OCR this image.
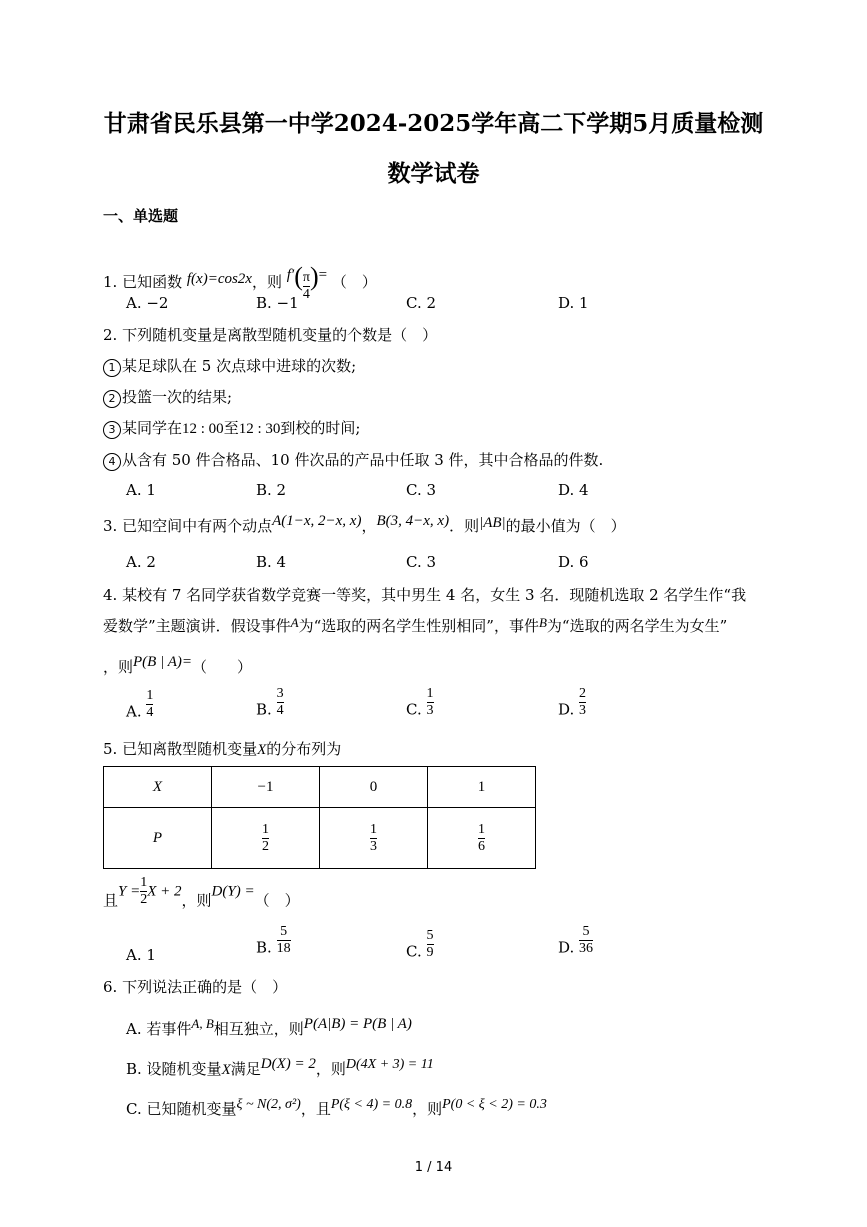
甘肃省民乐县第一中学2024-2025学年高二下学期5月质量检测
数学试卷
一、单选题
1. 已知函数 f(x)=cos2x，则 $f'( \frac{\pi}{4}$ )= （　）
A. −2	B. −1	C. 2	D. 1
2. 下列随机变量是离散型随机变量的个数是（　）
1 某足球队在 5 次点球中进球的次数;
2 投篮一次的结果;
3 某同学在12 : 00至12 : 30到校的时间;
4 从含有 50 件合格品、10 件次品的产品中任取 3 件，其中合格品的件数.
A. 1	B. 2	C. 3	D. 4
3. 已知空间中有两个动点A(1−x, 2−x, x)，B(3, 4−x, x)．则|AB|的最小值为（　）
A. 2	B. 4	C. 3	D. 6
4. 某校有 7 名同学获省数学竞赛一等奖，其中男生 4 名，女生 3 名．现随机选取 2 名学生作“我
爱数学”主题演讲．假设事件A为“选取的两名学生性别相同”，事件B为“选取的两名学生为女生”
，则P(B | A)=（　　）
A. $\frac{1}{4}$	B. $\frac{3}{4}$	C. $\frac{1}{3}$	D. $\frac{2}{3}$
5. 已知离散型随机变量X的分布列为
X	−1	0	1
P	$\frac{1}{2}$	$\frac{1}{3}$	$\frac{1}{6}$
且$Y = \frac{1}{2}$ X + 2，则D(Y) =（　）
A. 1	B. $\frac{5}{18}$	C. $\frac{5}{9}$	D. $\frac{5}{36}$
6. 下列说法正确的是（　）
A. 若事件A, B相互独立，则P(A|B) = P(B | A)
B. 设随机变量X满足D(X) = 2，则D(4X + 3) = 11
C. 已知随机变量ξ ~ N(2, σ²)，且P(ξ < 4) = 0.8，则P(0 < ξ < 2) = 0.3
1 / 14
